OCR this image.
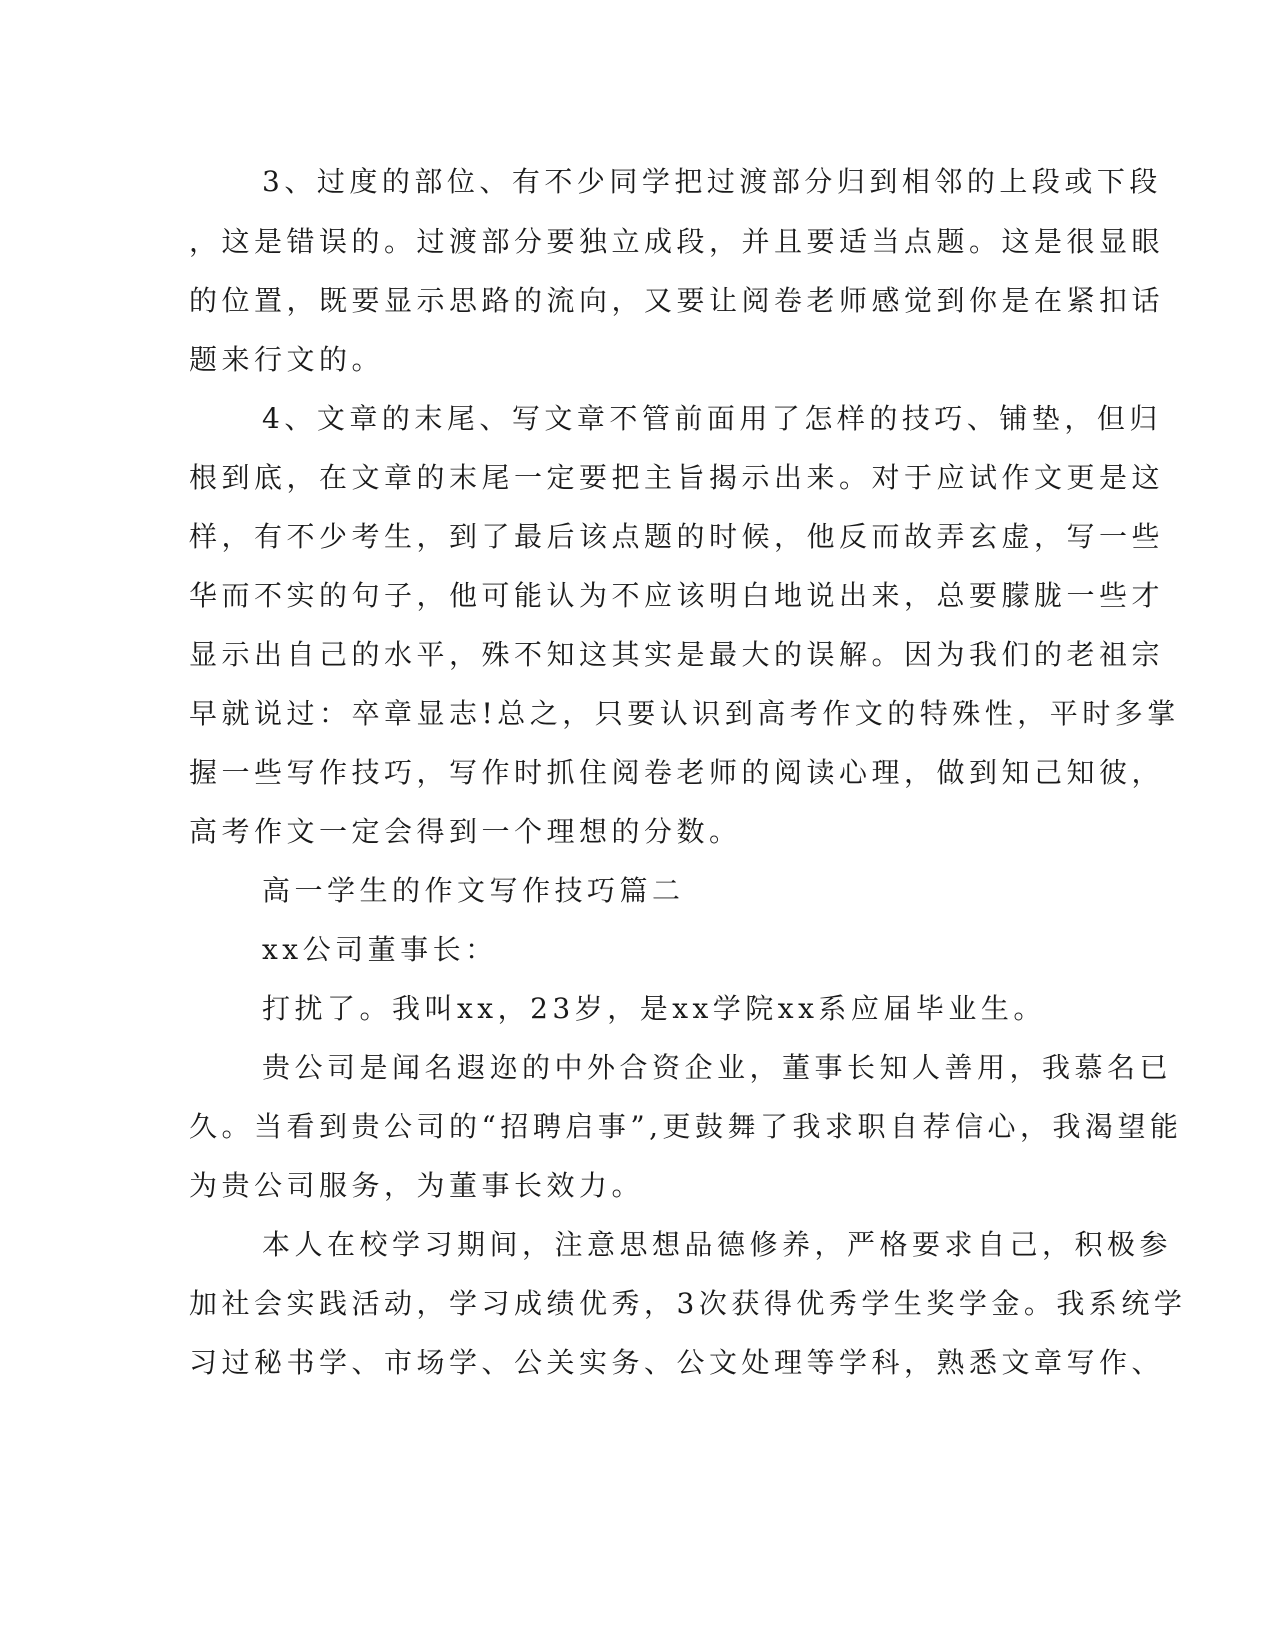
3、过度的部位、有不少同学把过渡部分归到相邻的上段或下段
，这是错误的。过渡部分要独立成段，并且要适当点题。这是很显眼
的位置，既要显示思路的流向，又要让阅卷老师感觉到你是在紧扣话
题来行文的。
4、文章的末尾、写文章不管前面用了怎样的技巧、铺垫，但归
根到底，在文章的末尾一定要把主旨揭示出来。对于应试作文更是这
样，有不少考生，到了最后该点题的时候，他反而故弄玄虚，写一些
华而不实的句子，他可能认为不应该明白地说出来，总要朦胧一些才
显示出自己的水平，殊不知这其实是最大的误解。因为我们的老祖宗
早就说过：卒章显志!总之，只要认识到高考作文的特殊性，平时多掌
握一些写作技巧，写作时抓住阅卷老师的阅读心理，做到知己知彼，
高考作文一定会得到一个理想的分数。
高一学生的作文写作技巧篇二
xx公司董事长：
打扰了。我叫xx，23岁，是xx学院xx系应届毕业生。
贵公司是闻名遐迩的中外合资企业，董事长知人善用，我慕名已
久。当看到贵公司的“招聘启事”,更鼓舞了我求职自荐信心，我渴望能
为贵公司服务，为董事长效力。
本人在校学习期间，注意思想品德修养，严格要求自己，积极参
加社会实践活动，学习成绩优秀，3次获得优秀学生奖学金。我系统学
习过秘书学、市场学、公关实务、公文处理等学科，熟悉文章写作、
